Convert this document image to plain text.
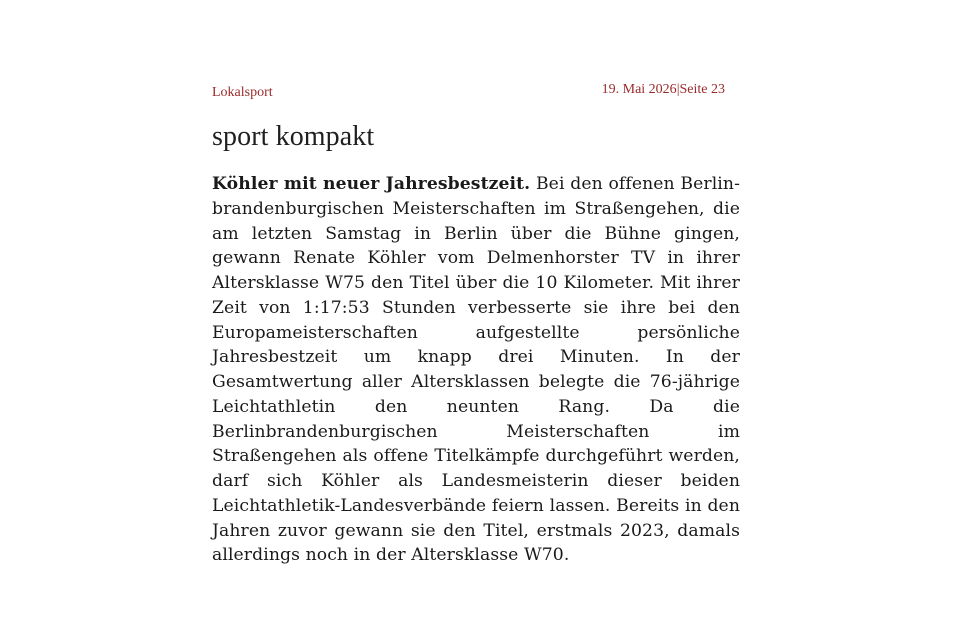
Lokalsport	19. Mai 2026|Seite 23
sport kompakt

Köhler mit neuer Jahresbestzeit. Bei den offenen Berlin-brandenburgischen Meisterschaften im Straßengehen, die am letzten Samstag in Berlin über die Bühne gingen, gewann Renate Köhler vom Delmenhorster TV in ihrer Altersklasse W75 den Titel über die 10 Kilometer. Mit ihrer Zeit von 1:17:53 Stunden verbesserte sie ihre bei den Europameisterschaften aufgestellte persönliche Jahresbestzeit um knapp drei Minuten. In der Gesamtwertung aller Altersklassen belegte die 76-jährige Leichtathletin den neunten Rang. Da die Berlinbrandenburgischen Meisterschaften im Straßengehen als offene Titelkämpfe durchgeführt werden, darf sich Köhler als Landesmeisterin dieser beiden Leichtathletik-Landesverbände feiern lassen. Bereits in den Jahren zuvor gewann sie den Titel, erstmals 2023, damals allerdings noch in der Altersklasse W70.
